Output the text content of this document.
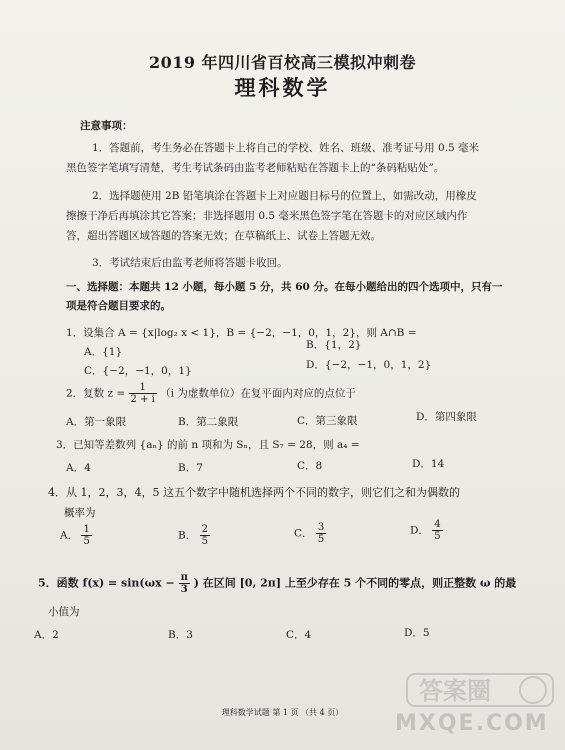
2019 年四川省百校高三模拟冲刺卷
理科数学
注意事项：
1．答题前，考生务必在答题卡上将自己的学校、姓名、班级、准考证号用 0.5 毫米
黑色签字笔填写清楚，考生考试条码由监考老师粘贴在答题卡上的“条码粘贴处”。
2．选择题使用 2B 铅笔填涂在答题卡上对应题目标号的位置上，如需改动，用橡皮
擦擦干净后再填涂其它答案；非选择题用 0.5 毫米黑色签字笔在答题卡的对应区域内作
答，超出答题区域答题的答案无效；在草稿纸上、试卷上答题无效。
3．考试结束后由监考老师将答题卡收回。
一、选择题：本题共 12 小题，每小题 5 分，共 60 分。在每小题给出的四个选项中，只有一
项是符合题目要求的。
1．设集合 A = {x|log₂ x < 1}，B = {−2，−1，0，1，2}，则 A∩B =
A．{1}
B．{1，2}
C．{−2，−1，0，1}	D．{−2，−1，0，1，2}
2．复数 $z = \frac{1}{2 + i} (i$ 为虚数单位）在复平面内对应的点位于
A．第一象限	B．第二象限	C．第三象限	D．第四象限
3．已知等差数列 {aₙ} 的前 n 项和为 Sₙ，且 S₇ = 28，则 a₄ =
A．4	B．7	C．8	D．14
4．从 1，2，3，4，5 这五个数字中随机选择两个不同的数字，则它们之和为偶数的
概率为
A． $\frac{1}{5}$	B． $\frac{2}{5}$	C． $\frac{3}{5}$	D． $\frac{4}{5}$
5．函数 $f(x) = \sin(\omega x - \frac{\pi}{3}$ ) 在区间 [0, 2π] 上至少存在 5 个不同的零点，则正整数 ω 的最
小值为
A．2	B．3	C．4	D．5
理科数学试题 第 1 页 （共 4 页）
答案圈
MXQE.COM
